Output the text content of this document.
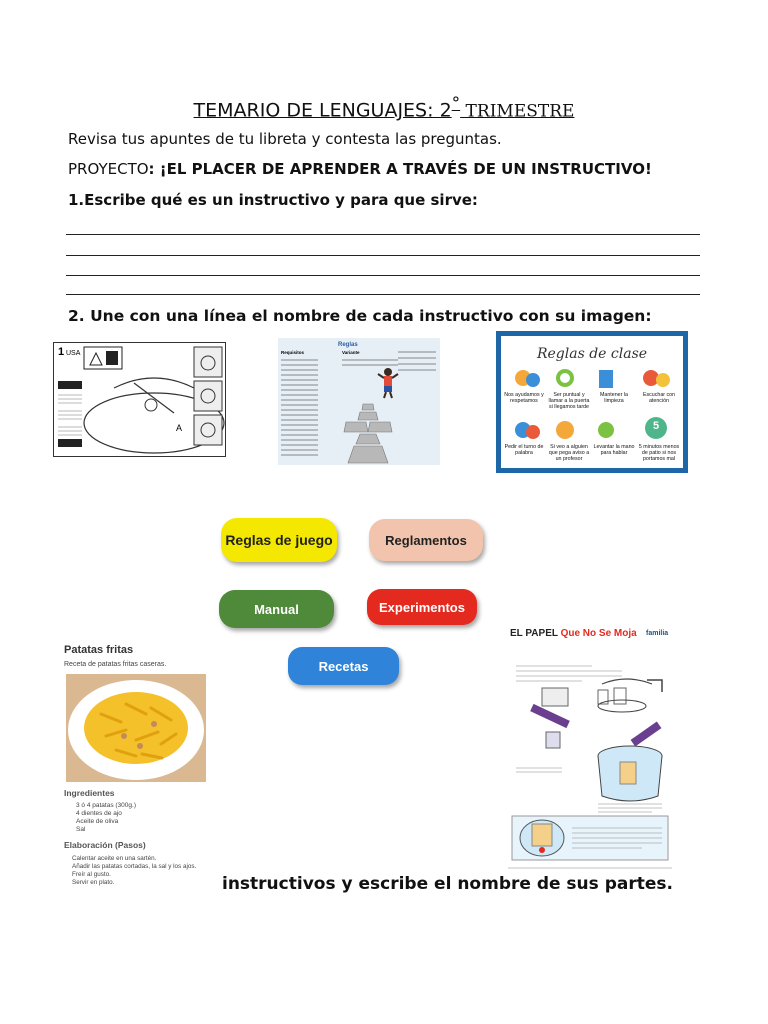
TEMARIO DE LENGUAJES: 2° TRIMESTRE
Revisa tus apuntes de tu libreta y contesta las preguntas.
PROYECTO: ¡EL PLACER DE APRENDER A TRAVÉS DE UN INSTRUCTIVO!
1.Escribe qué es un instructivo y para que sirve:
2. Une con una línea el nombre de cada instructivo con su imagen:
1 USA
A
Reglas
Requisitos	Variante	Reglas de clase
Nos ayudamos y respetamos
Ser puntual y llamar a la puerta si llegamos tarde
Mantener la limpieza
Escuchar con atención
Pedir el turno de palabra
Si veo a alguien que pega aviso a un profesor
Levantar la mano para hablar
5 minutos menos de patio si nos portamos mal
5
Reglas de juego	Reglamentos
Manual	Experimentos
Recetas
Patatas fritas
Receta de patatas fritas caseras.
Ingredientes
3 ó 4 patatas (300g.)
4 dientes de ajo
Aceite de oliva
Sal
Elaboración (Pasos)
Calentar aceite en una sartén.
Añadir las patatas cortadas, la sal y los ajos.
Freír al gusto.
Servir en plato.	instructivos y escribe el nombre de sus partes.
EL PAPEL Que No Se Moja familia
